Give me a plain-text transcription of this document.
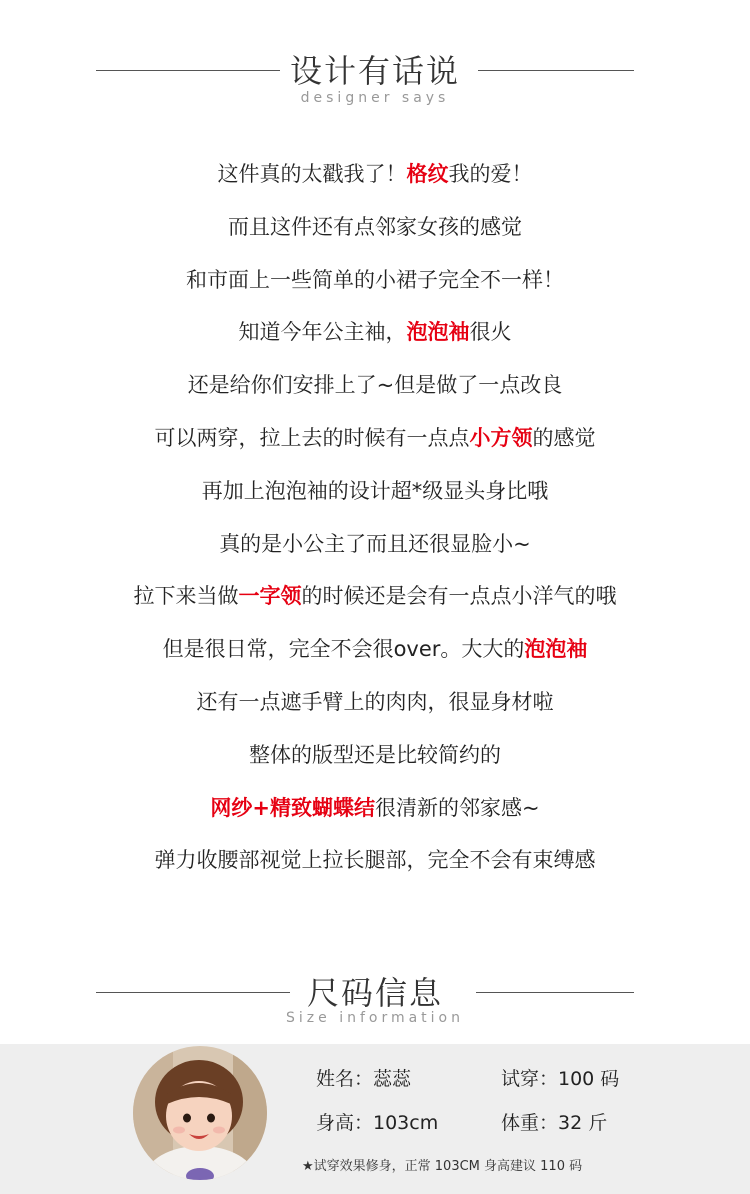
设计有话说
designer says
这件真的太戳我了！格纹我的爱！
而且这件还有点邻家女孩的感觉
和市面上一些简单的小裙子完全不一样！
知道今年公主袖，泡泡袖很火
还是给你们安排上了~但是做了一点改良
可以两穿，拉上去的时候有一点点小方领的感觉
再加上泡泡袖的设计超*级显头身比哦
真的是小公主了而且还很显脸小~
拉下来当做一字领的时候还是会有一点点小洋气的哦
但是很日常，完全不会很over。大大的泡泡袖
还有一点遮手臂上的肉肉，很显身材啦
整体的版型还是比较简约的
网纱+精致蝴蝶结很清新的邻家感~
弹力收腰部视觉上拉长腿部，完全不会有束缚感
尺码信息
Size information
姓名：蕊蕊	试穿：100 码
身高：103cm	体重：32 斤
★试穿效果修身，正常 103CM 身高建议 110 码
